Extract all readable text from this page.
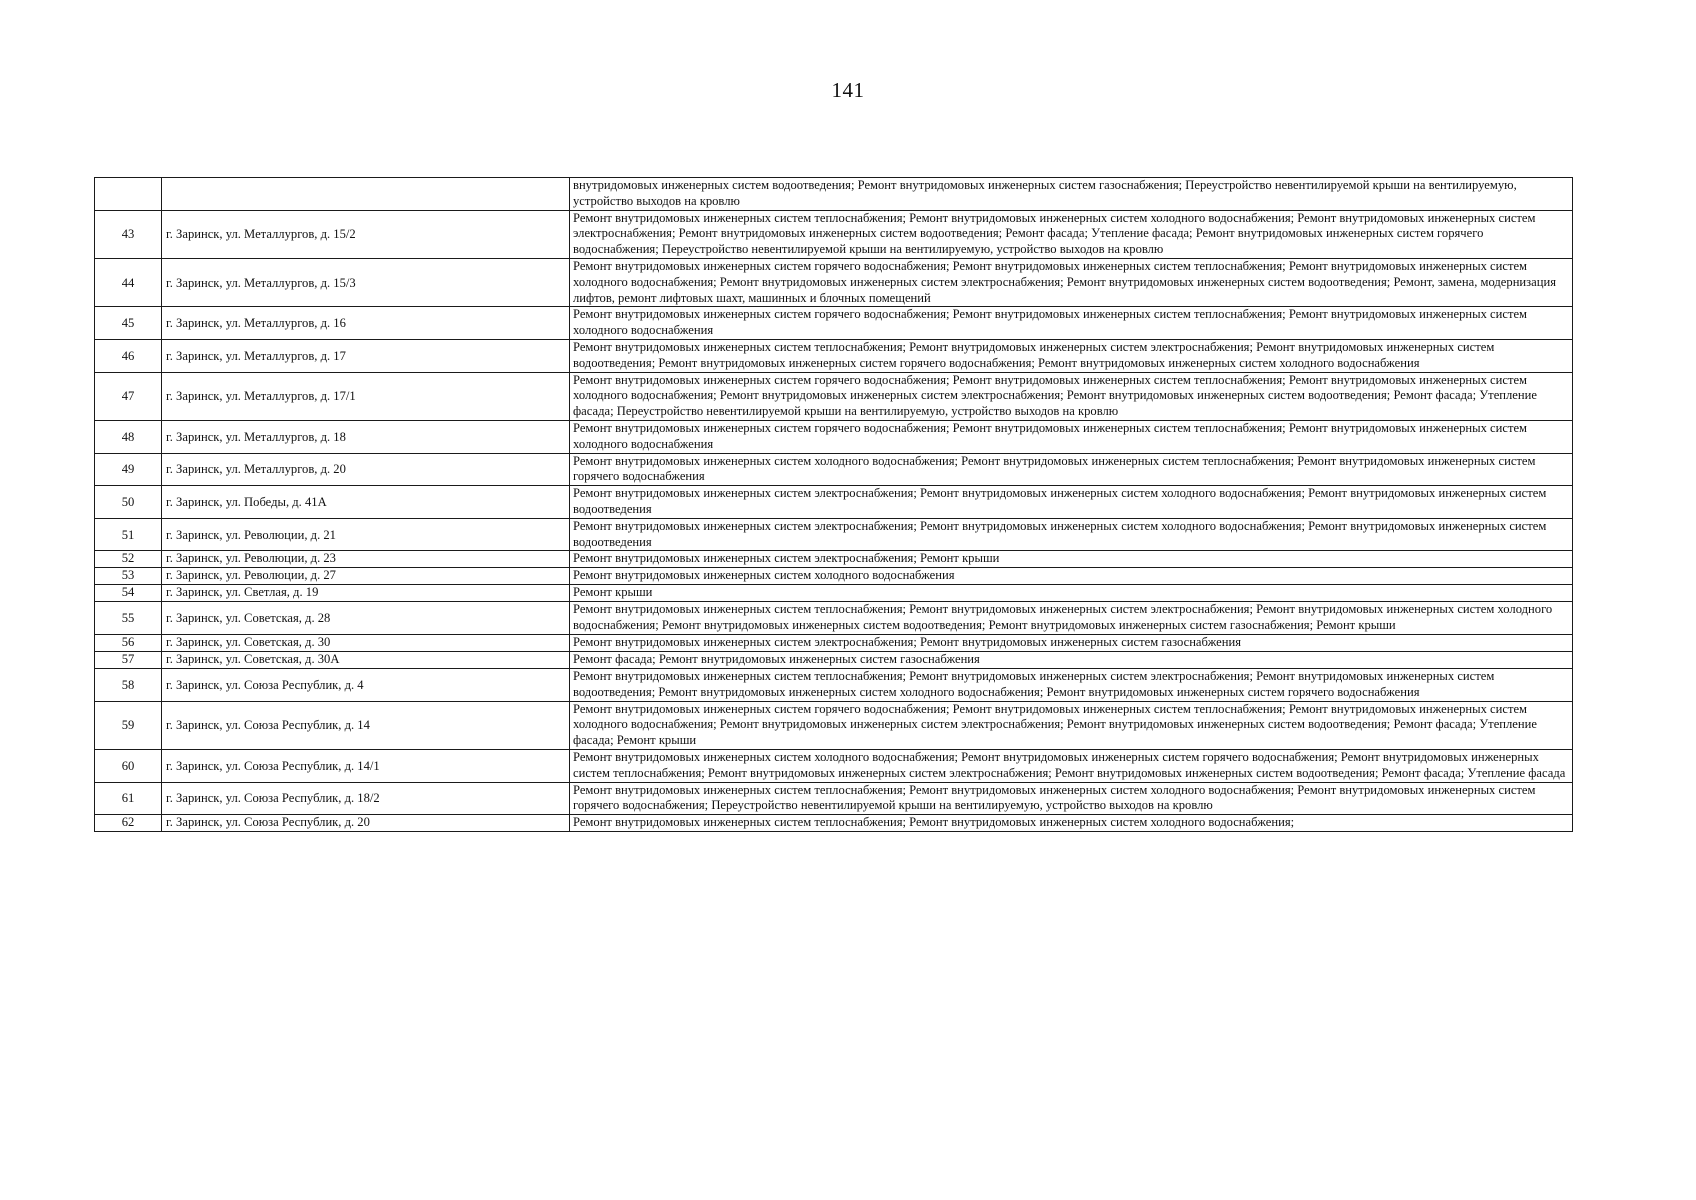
141
		внутридомовых инженерных систем водоотведения; Ремонт внутридомовых инженерных систем газоснабжения; Переустройство невентилируемой крыши на вентилируемую, устройство выходов на кровлю
43	г. Заринск, ул. Металлургов, д. 15/2	Ремонт внутридомовых инженерных систем теплоснабжения; Ремонт внутридомовых инженерных систем холодного водоснабжения; Ремонт внутридомовых инженерных систем электроснабжения; Ремонт внутридомовых инженерных систем водоотведения; Ремонт фасада; Утепление фасада; Ремонт внутридомовых инженерных систем горячего водоснабжения; Переустройство невентилируемой крыши на вентилируемую, устройство выходов на кровлю
44	г. Заринск, ул. Металлургов, д. 15/3	Ремонт внутридомовых инженерных систем горячего водоснабжения; Ремонт внутридомовых инженерных систем теплоснабжения; Ремонт внутридомовых инженерных систем холодного водоснабжения; Ремонт внутридомовых инженерных систем электроснабжения; Ремонт внутридомовых инженерных систем водоотведения; Ремонт, замена, модернизация лифтов, ремонт лифтовых шахт, машинных и блочных помещений
45	г. Заринск, ул. Металлургов, д. 16	Ремонт внутридомовых инженерных систем горячего водоснабжения; Ремонт внутридомовых инженерных систем теплоснабжения; Ремонт внутридомовых инженерных систем холодного водоснабжения
46	г. Заринск, ул. Металлургов, д. 17	Ремонт внутридомовых инженерных систем теплоснабжения; Ремонт внутридомовых инженерных систем электроснабжения; Ремонт внутридомовых инженерных систем водоотведения; Ремонт внутридомовых инженерных систем горячего водоснабжения; Ремонт внутридомовых инженерных систем холодного водоснабжения
47	г. Заринск, ул. Металлургов, д. 17/1	Ремонт внутридомовых инженерных систем горячего водоснабжения; Ремонт внутридомовых инженерных систем теплоснабжения; Ремонт внутридомовых инженерных систем холодного водоснабжения; Ремонт внутридомовых инженерных систем электроснабжения; Ремонт внутридомовых инженерных систем водоотведения; Ремонт фасада; Утепление фасада; Переустройство невентилируемой крыши на вентилируемую, устройство выходов на кровлю
48	г. Заринск, ул. Металлургов, д. 18	Ремонт внутридомовых инженерных систем горячего водоснабжения; Ремонт внутридомовых инженерных систем теплоснабжения; Ремонт внутридомовых инженерных систем холодного водоснабжения
49	г. Заринск, ул. Металлургов, д. 20	Ремонт внутридомовых инженерных систем холодного водоснабжения; Ремонт внутридомовых инженерных систем теплоснабжения; Ремонт внутридомовых инженерных систем горячего водоснабжения
50	г. Заринск, ул. Победы, д. 41А	Ремонт внутридомовых инженерных систем электроснабжения; Ремонт внутридомовых инженерных систем холодного водоснабжения; Ремонт внутридомовых инженерных систем водоотведения
51	г. Заринск, ул. Революции, д. 21	Ремонт внутридомовых инженерных систем электроснабжения; Ремонт внутридомовых инженерных систем холодного водоснабжения; Ремонт внутридомовых инженерных систем водоотведения
52	г. Заринск, ул. Революции, д. 23	Ремонт внутридомовых инженерных систем электроснабжения; Ремонт крыши
53	г. Заринск, ул. Революции, д. 27	Ремонт внутридомовых инженерных систем холодного водоснабжения
54	г. Заринск, ул. Светлая, д. 19	Ремонт крыши
55	г. Заринск, ул. Советская, д. 28	Ремонт внутридомовых инженерных систем теплоснабжения; Ремонт внутридомовых инженерных систем электроснабжения; Ремонт внутридомовых инженерных систем холодного водоснабжения; Ремонт внутридомовых инженерных систем водоотведения; Ремонт внутридомовых инженерных систем газоснабжения; Ремонт крыши
56	г. Заринск, ул. Советская, д. 30	Ремонт внутридомовых инженерных систем электроснабжения; Ремонт внутридомовых инженерных систем газоснабжения
57	г. Заринск, ул. Советская, д. 30А	Ремонт фасада; Ремонт внутридомовых инженерных систем газоснабжения
58	г. Заринск, ул. Союза Республик, д. 4	Ремонт внутридомовых инженерных систем теплоснабжения; Ремонт внутридомовых инженерных систем электроснабжения; Ремонт внутридомовых инженерных систем водоотведения; Ремонт внутридомовых инженерных систем холодного водоснабжения; Ремонт внутридомовых инженерных систем горячего водоснабжения
59	г. Заринск, ул. Союза Республик, д. 14	Ремонт внутридомовых инженерных систем горячего водоснабжения; Ремонт внутридомовых инженерных систем теплоснабжения; Ремонт внутридомовых инженерных систем холодного водоснабжения; Ремонт внутридомовых инженерных систем электроснабжения; Ремонт внутридомовых инженерных систем водоотведения; Ремонт фасада; Утепление фасада; Ремонт крыши
60	г. Заринск, ул. Союза Республик, д. 14/1	Ремонт внутридомовых инженерных систем холодного водоснабжения; Ремонт внутридомовых инженерных систем горячего водоснабжения; Ремонт внутридомовых инженерных систем теплоснабжения; Ремонт внутридомовых инженерных систем электроснабжения; Ремонт внутридомовых инженерных систем водоотведения; Ремонт фасада; Утепление фасада
61	г. Заринск, ул. Союза Республик, д. 18/2	Ремонт внутридомовых инженерных систем теплоснабжения; Ремонт внутридомовых инженерных систем холодного водоснабжения; Ремонт внутридомовых инженерных систем горячего водоснабжения; Переустройство невентилируемой крыши на вентилируемую, устройство выходов на кровлю
62	г. Заринск, ул. Союза Республик, д. 20	Ремонт внутридомовых инженерных систем теплоснабжения; Ремонт внутридомовых инженерных систем холодного водоснабжения;
